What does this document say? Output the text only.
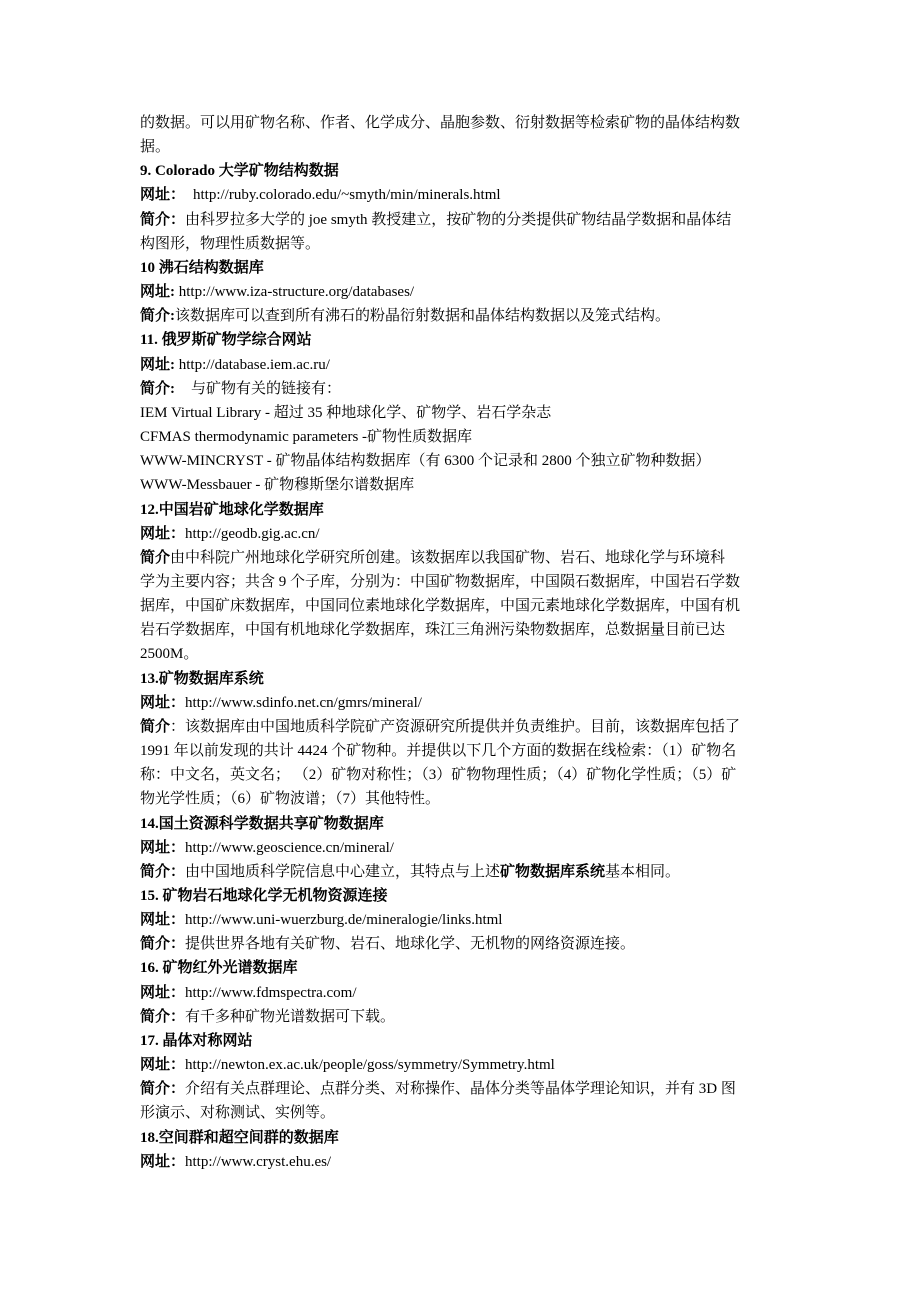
的数据。可以用矿物名称、作者、化学成分、晶胞参数、衍射数据等检索矿物的晶体结构数
据。
9. Colorado 大学矿物结构数据
网址： http://ruby.colorado.edu/~smyth/min/minerals.html
简介：由科罗拉多大学的 joe smyth 教授建立，按矿物的分类提供矿物结晶学数据和晶体结
构图形，物理性质数据等。
10 沸石结构数据库
网址: http://www.iza-structure.org/databases/
简介:该数据库可以查到所有沸石的粉晶衍射数据和晶体结构数据以及笼式结构。
11. 俄罗斯矿物学综合网站
网址: http://database.iem.ac.ru/
简介: 与矿物有关的链接有：
IEM Virtual Library - 超过 35 种地球化学、矿物学、岩石学杂志
CFMAS thermodynamic parameters -矿物性质数据库
WWW-MINCRYST - 矿物晶体结构数据库（有 6300 个记录和 2800 个独立矿物种数据）
WWW-Messbauer - 矿物穆斯堡尔谱数据库
12.中国岩矿地球化学数据库
网址：http://geodb.gig.ac.cn/
简介由中科院广州地球化学研究所创建。该数据库以我国矿物、岩石、地球化学与环境科
学为主要内容；共含 9 个子库，分别为：中国矿物数据库，中国陨石数据库，中国岩石学数
据库，中国矿床数据库，中国同位素地球化学数据库，中国元素地球化学数据库，中国有机
岩石学数据库，中国有机地球化学数据库，珠江三角洲污染物数据库，总数据量目前已达
2500M。
13.矿物数据库系统
网址：http://www.sdinfo.net.cn/gmrs/mineral/
简介：该数据库由中国地质科学院矿产资源研究所提供并负责维护。目前，该数据库包括了
1991 年以前发现的共计 4424 个矿物种。并提供以下几个方面的数据在线检索：（1）矿物名
称：中文名，英文名； （2）矿物对称性；（3）矿物物理性质；（4）矿物化学性质；（5）矿
物光学性质；（6）矿物波谱；（7）其他特性。
14.国土资源科学数据共享矿物数据库
网址：http://www.geoscience.cn/mineral/
简介：由中国地质科学院信息中心建立，其特点与上述矿物数据库系统基本相同。
15. 矿物岩石地球化学无机物资源连接
网址：http://www.uni-wuerzburg.de/mineralogie/links.html
简介：提供世界各地有关矿物、岩石、地球化学、无机物的网络资源连接。
16. 矿物红外光谱数据库
网址：http://www.fdmspectra.com/
简介：有千多种矿物光谱数据可下载。
17. 晶体对称网站
网址：http://newton.ex.ac.uk/people/goss/symmetry/Symmetry.html
简介：介绍有关点群理论、点群分类、对称操作、晶体分类等晶体学理论知识，并有 3D 图
形演示、对称测试、实例等。
18.空间群和超空间群的数据库
网址：http://www.cryst.ehu.es/
